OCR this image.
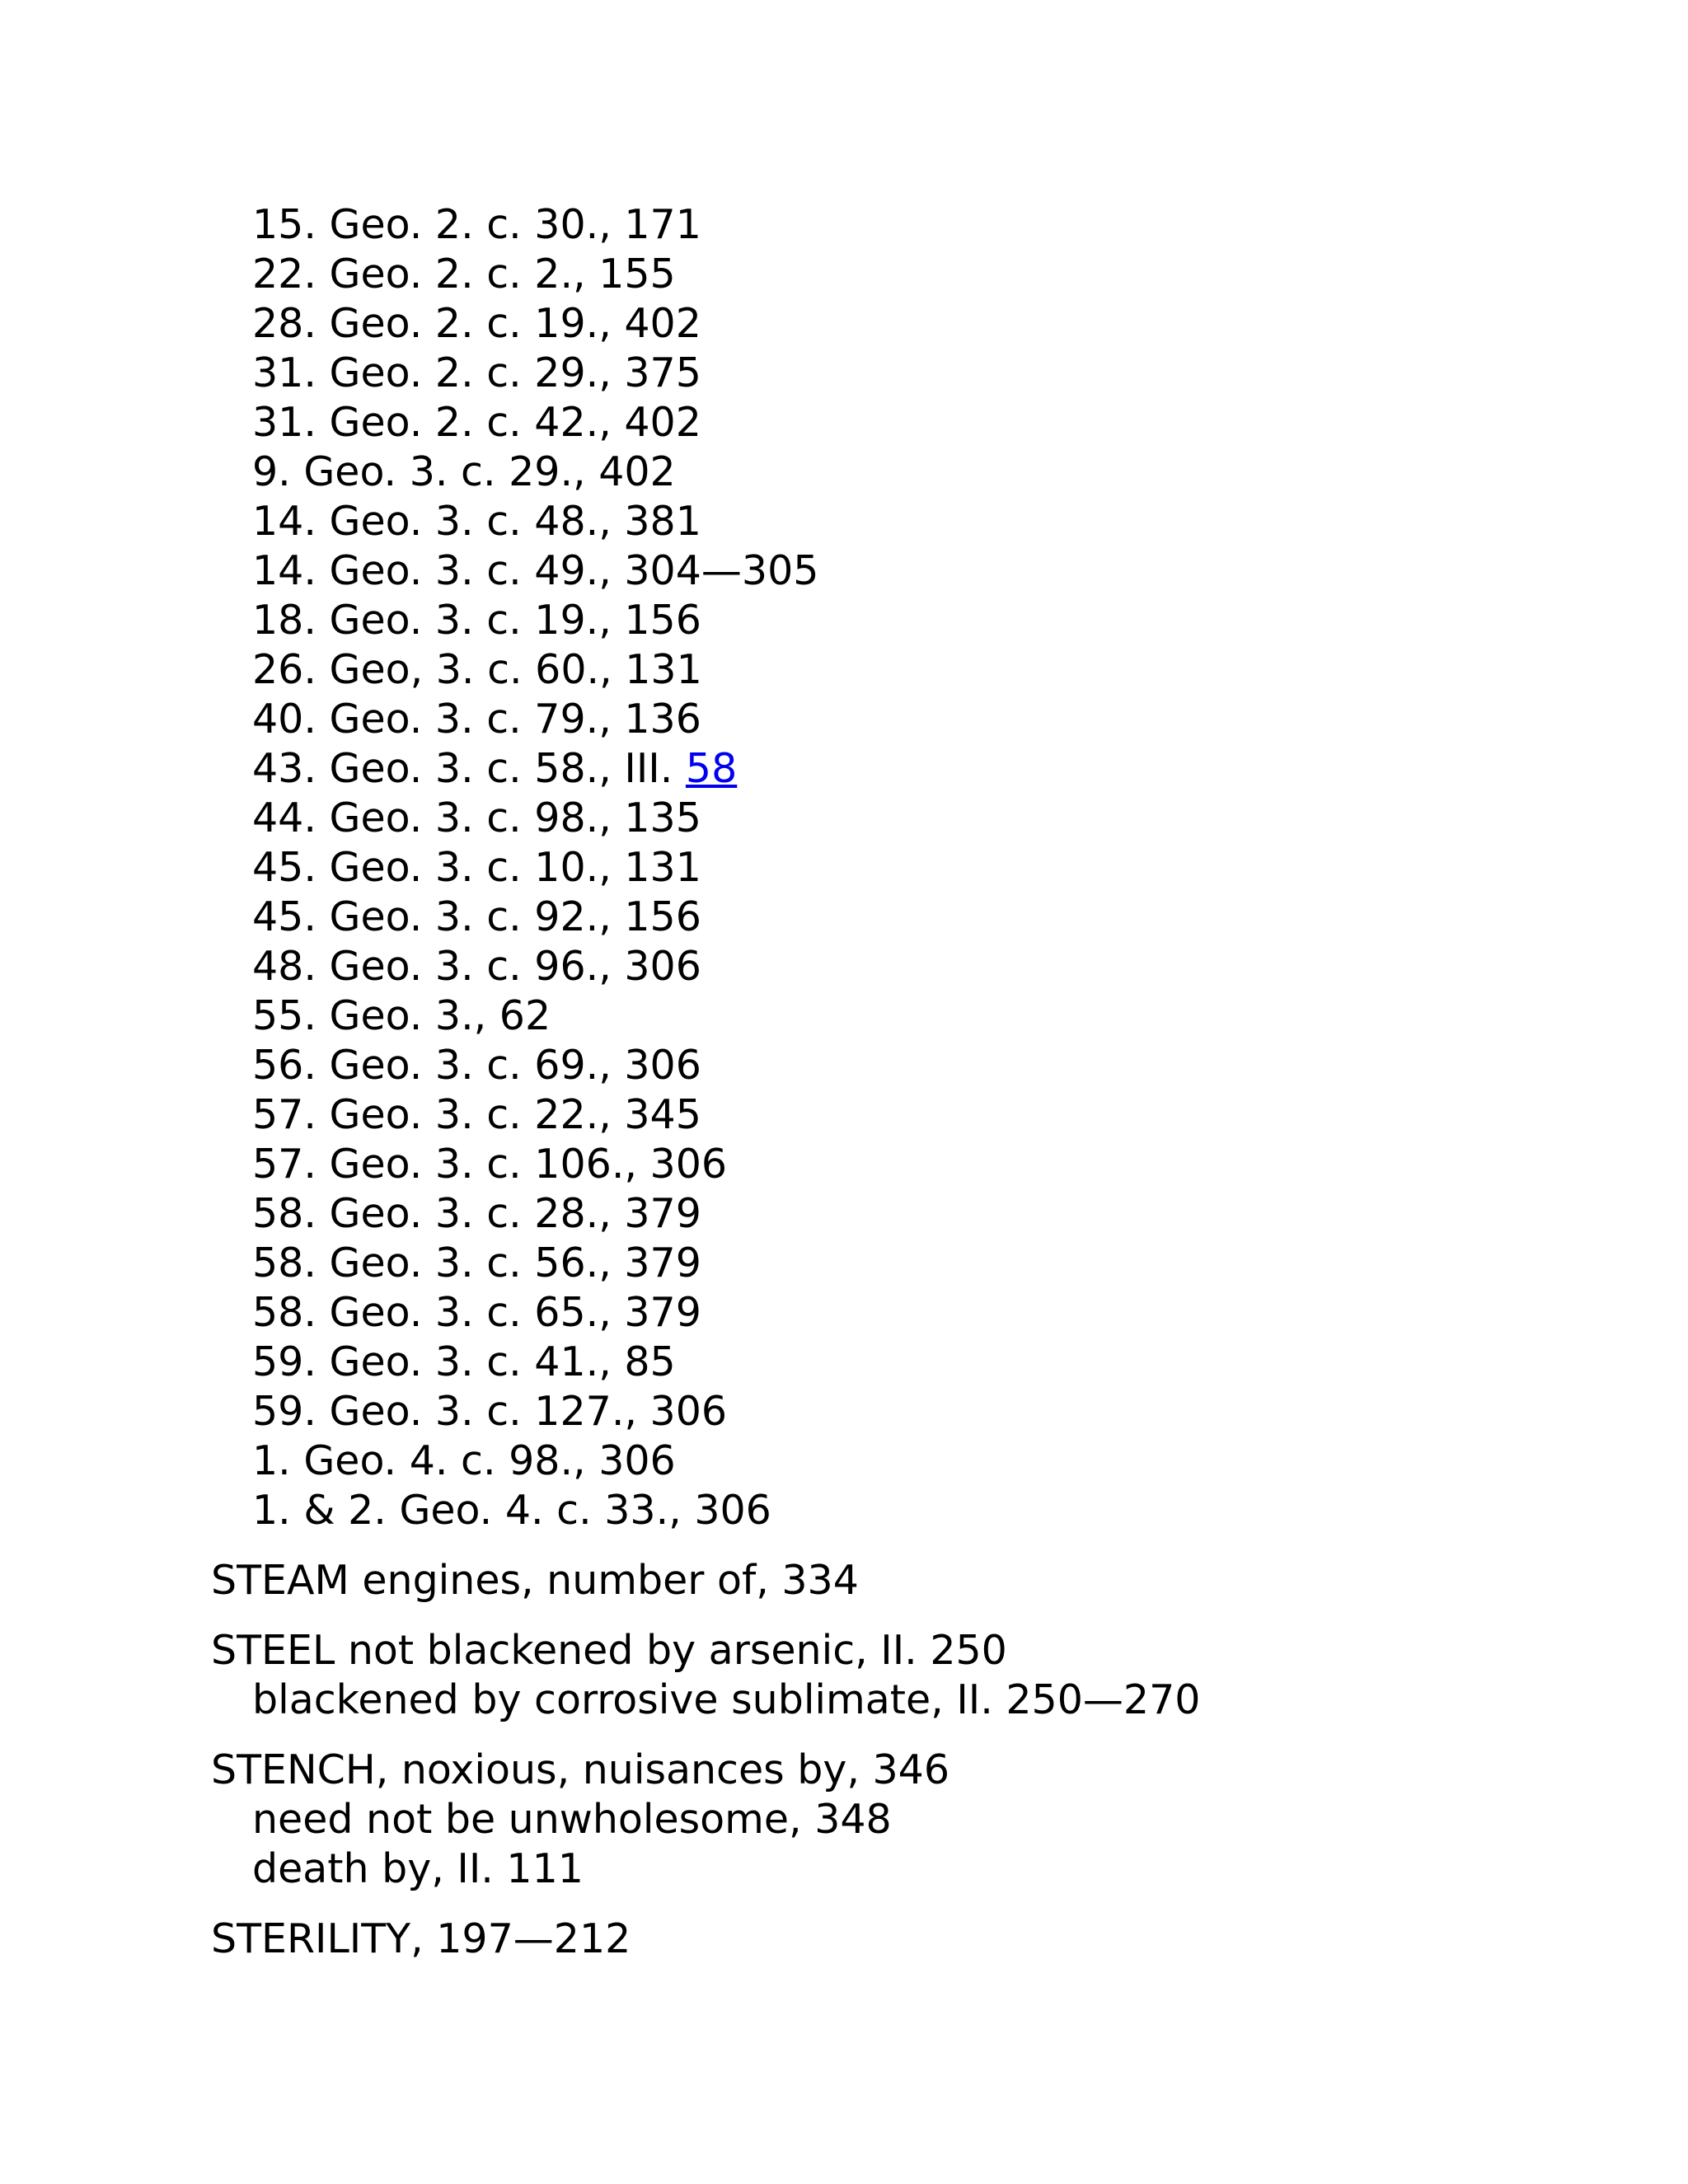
15. Geo. 2. c. 30., 171
22. Geo. 2. c. 2., 155
28. Geo. 2. c. 19., 402
31. Geo. 2. c. 29., 375
31. Geo. 2. c. 42., 402
9. Geo. 3. c. 29., 402
14. Geo. 3. c. 48., 381
14. Geo. 3. c. 49., 304—305
18. Geo. 3. c. 19., 156
26. Geo, 3. c. 60., 131
40. Geo. 3. c. 79., 136
43. Geo. 3. c. 58., III. 58
44. Geo. 3. c. 98., 135
45. Geo. 3. c. 10., 131
45. Geo. 3. c. 92., 156
48. Geo. 3. c. 96., 306
55. Geo. 3., 62
56. Geo. 3. c. 69., 306
57. Geo. 3. c. 22., 345
57. Geo. 3. c. 106., 306
58. Geo. 3. c. 28., 379
58. Geo. 3. c. 56., 379
58. Geo. 3. c. 65., 379
59. Geo. 3. c. 41., 85
59. Geo. 3. c. 127., 306
1. Geo. 4. c. 98., 306
1. & 2. Geo. 4. c. 33., 306
STEAM engines, number of, 334
STEEL not blackened by arsenic, II. 250
blackened by corrosive sublimate, II. 250—270
STENCH, noxious, nuisances by, 346
need not be unwholesome, 348
death by, II. 111
STERILITY, 197—212
